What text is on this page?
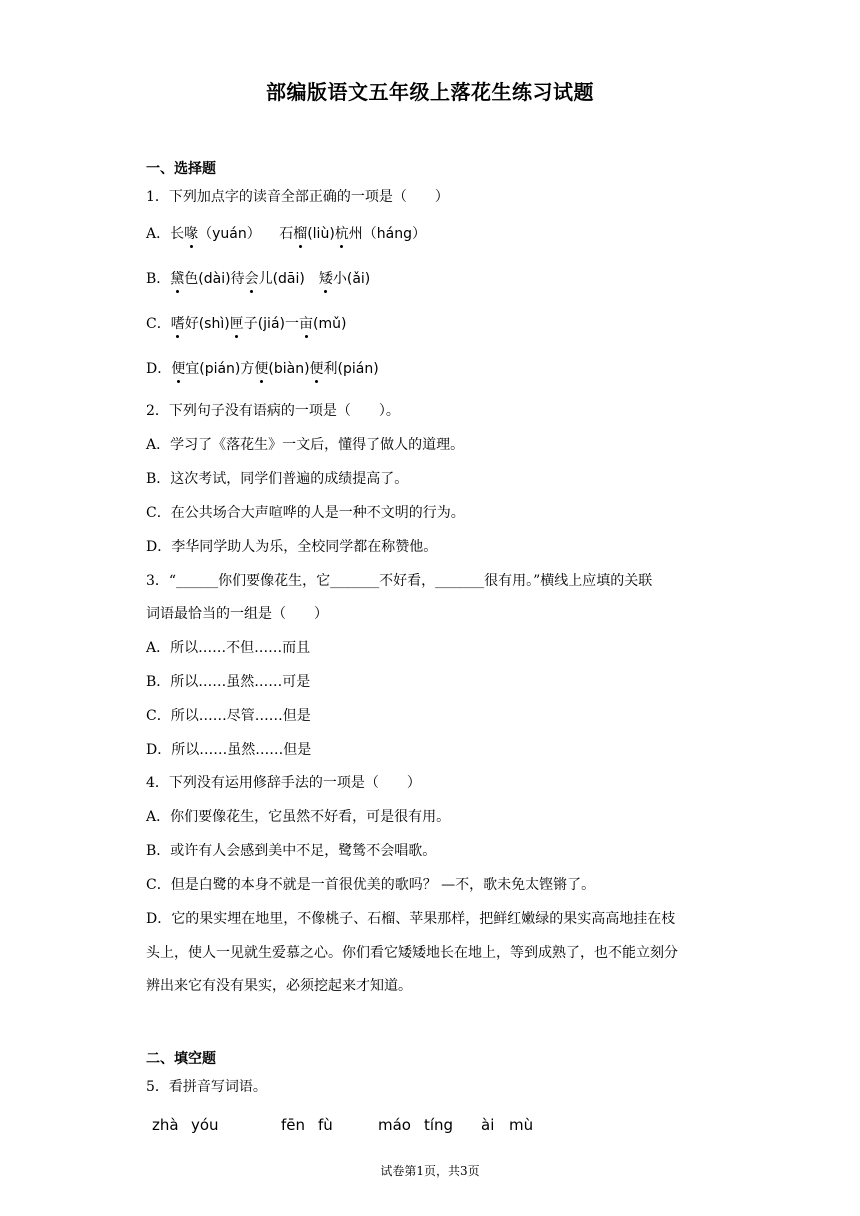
部编版语文五年级上落花生练习试题
一、选择题
1．下列加点字的读音全部正确的一项是（　　）
A．长喙（yuán）  石榴(liù)杭州（háng）
B．黛色(dài)待会儿(dāi)  矮小(ǎi)
C．嗜好(shì)匣子(jiá)一亩(mǔ)
D．便宜(pián)方便(biàn)便利(pián)
2．下列句子没有语病的一项是（　　）。
A．学习了《落花生》一文后，懂得了做人的道理。
B．这次考试，同学们普遍的成绩提高了。
C．在公共场合大声喧哗的人是一种不文明的行为。
D．李华同学助人为乐，全校同学都在称赞他。
3．“______你们要像花生，它_______不好看，_______很有用。”横线上应填的关联
词语最恰当的一组是（　　）
A．所以……不但……而且
B．所以……虽然……可是
C．所以……尽管……但是
D．所以……虽然……但是
4．下列没有运用修辞手法的一项是（　　）
A．你们要像花生，它虽然不好看，可是很有用。
B．或许有人会感到美中不足，鹭鸶不会唱歌。
C．但是白鹭的本身不就是一首很优美的歌吗？ —不，歌未免太铿锵了。
D．它的果实埋在地里，不像桃子、石榴、苹果那样，把鲜红嫩绿的果实高高地挂在枝
头上，使人一见就生爱慕之心。你们看它矮矮地长在地上，等到成熟了，也不能立刻分
辨出来它有没有果实，必须挖起来才知道。
二、填空题
5．看拼音写词语。
zhà yóu	fēn fù	máo tíng ài mù
试卷第1页，共3页
